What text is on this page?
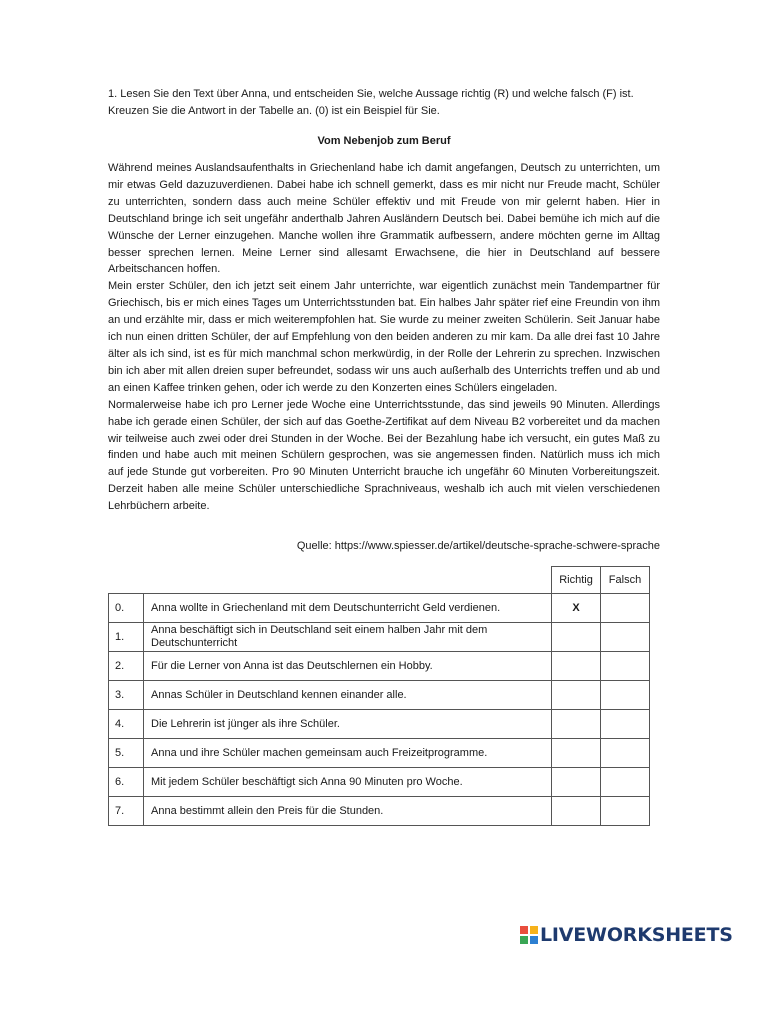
1. Lesen Sie den Text über Anna, und entscheiden Sie, welche Aussage richtig (R) und welche falsch (F) ist. Kreuzen Sie die Antwort in der Tabelle an. (0) ist ein Beispiel für Sie.
Vom Nebenjob zum Beruf

Während meines Auslandsaufenthalts in Griechenland habe ich damit angefangen, Deutsch zu unterrichten, um mir etwas Geld dazuzuverdienen. Dabei habe ich schnell gemerkt, dass es mir nicht nur Freude macht, Schüler zu unterrichten, sondern dass auch meine Schüler effektiv und mit Freude von mir gelernt haben. Hier in Deutschland bringe ich seit ungefähr anderthalb Jahren Ausländern Deutsch bei. Dabei bemühe ich mich auf die Wünsche der Lerner einzugehen. Manche wollen ihre Grammatik aufbessern, andere möchten gerne im Alltag besser sprechen lernen. Meine Lerner sind allesamt Erwachsene, die hier in Deutschland auf bessere Arbeitschancen hoffen.

Mein erster Schüler, den ich jetzt seit einem Jahr unterrichte, war eigentlich zunächst mein Tandempartner für Griechisch, bis er mich eines Tages um Unterrichtsstunden bat. Ein halbes Jahr später rief eine Freundin von ihm an und erzählte mir, dass er mich weiterempfohlen hat. Sie wurde zu meiner zweiten Schülerin. Seit Januar habe ich nun einen dritten Schüler, der auf Empfehlung von den beiden anderen zu mir kam. Da alle drei fast 10 Jahre älter als ich sind, ist es für mich manchmal schon merkwürdig, in der Rolle der Lehrerin zu sprechen. Inzwischen bin ich aber mit allen dreien super befreundet, sodass wir uns auch außerhalb des Unterrichts treffen und ab und an einen Kaffee trinken gehen, oder ich werde zu den Konzerten eines Schülers eingeladen.

Normalerweise habe ich pro Lerner jede Woche eine Unterrichtsstunde, das sind jeweils 90 Minuten. Allerdings habe ich gerade einen Schüler, der sich auf das Goethe-Zertifikat auf dem Niveau B2 vorbereitet und da machen wir teilweise auch zwei oder drei Stunden in der Woche. Bei der Bezahlung habe ich versucht, ein gutes Maß zu finden und habe auch mit meinen Schülern gesprochen, was sie angemessen finden. Natürlich muss ich mich auf jede Stunde gut vorbereiten. Pro 90 Minuten Unterricht brauche ich ungefähr 60 Minuten Vorbereitungszeit. Derzeit haben alle meine Schüler unterschiedliche Sprachniveaus, weshalb ich auch mit vielen verschiedenen Lehrbüchern arbeite.

Quelle: https://www.spiesser.de/artikel/deutsche-sprache-schwere-sprache
		Richtig	Falsch
0.	Anna wollte in Griechenland mit dem Deutschunterricht Geld verdienen.	X	
1.	Anna beschäftigt sich in Deutschland seit einem halben Jahr mit dem Deutschunterricht		
2.	Für die Lerner von Anna ist das Deutschlernen ein Hobby.		
3.	Annas Schüler in Deutschland kennen einander alle.		
4.	Die Lehrerin ist jünger als ihre Schüler.		
5.	Anna und ihre Schüler machen gemeinsam auch Freizeitprogramme.		
6.	Mit jedem Schüler beschäftigt sich Anna 90 Minuten pro Woche.		
7.	Anna bestimmt allein den Preis für die Stunden.		
LIVEWORKSHEETS
